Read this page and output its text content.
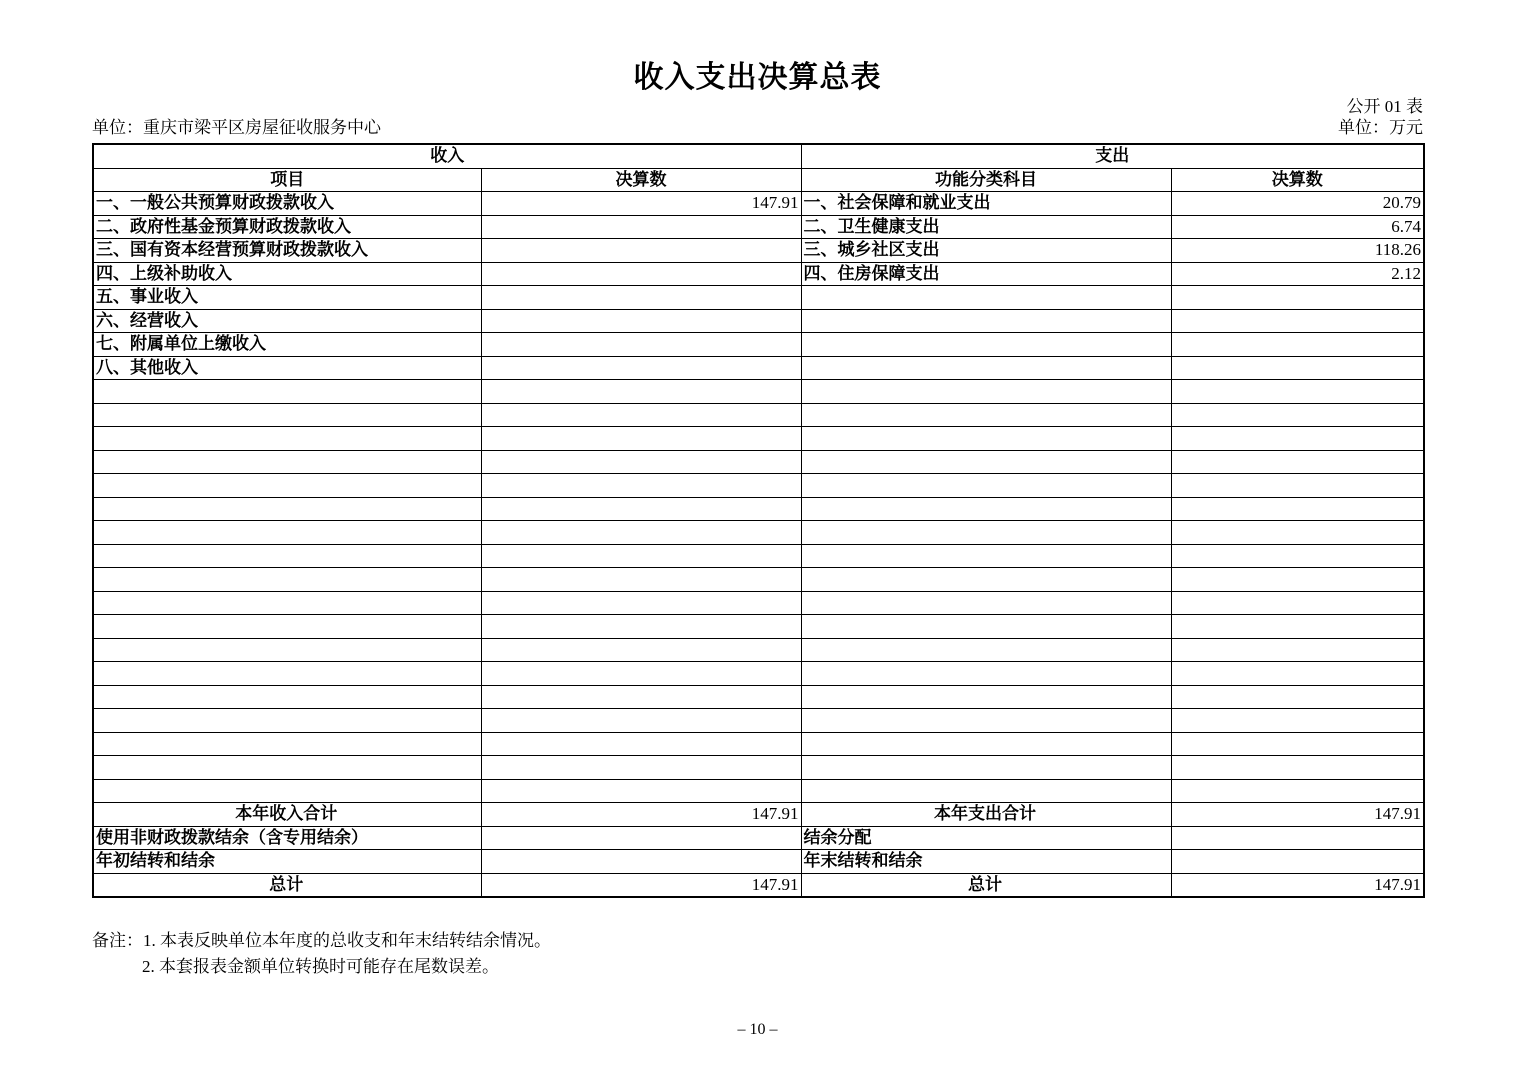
收入支出决算总表
公开 01 表
单位：重庆市梁平区房屋征收服务中心	单位：万元
收入		支出	
项目	决算数	功能分类科目	决算数
一、一般公共预算财政拨款收入	147.91	一、社会保障和就业支出	20.79
二、政府性基金预算财政拨款收入		二、卫生健康支出	6.74
三、国有资本经营预算财政拨款收入		三、城乡社区支出	118.26
四、上级补助收入		四、住房保障支出	2.12
五、事业收入			
六、经营收入			
七、附属单位上缴收入			
八、其他收入			

本年收入合计	147.91	本年支出合计	147.91
使用非财政拨款结余（含专用结余）		结余分配	
年初结转和结余		年末结转和结余	
总计	147.91	总计	147.91
备注：1. 本表反映单位本年度的总收支和年末结转结余情况。
2. 本套报表金额单位转换时可能存在尾数误差。
– 10 –
